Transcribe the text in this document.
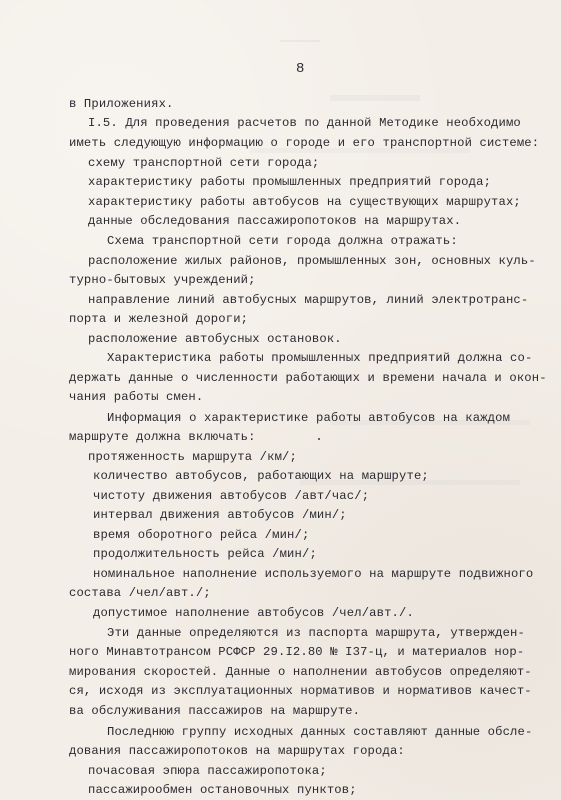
8
в Приложениях.
I.5. Для проведения расчетов по данной Методике необходимо
иметь следующую информацию о городе и его транспортной системе:
схему транспортной сети города;
характеристику работы промышленных предприятий города;
характеристику работы автобусов на существующих маршрутах;
данные обследования пассажиропотоков на маршрутах.
Схема транспортной сети города должна отражать:
расположение жилых районов, промышленных зон, основных куль-
турно-бытовых учреждений;
направление линий автобусных маршрутов, линий электротранс-
порта и железной дороги;
расположение автобусных остановок.
Характеристика работы промышленных предприятий должна со-
держать данные о численности работающих и времени начала и окон-
чания работы смен.
Информация о характеристике работы автобусов на каждом
маршруте должна включать:
протяженность маршрута /км/;
количество автобусов, работающих на маршруте;
чистоту движения автобусов /авт/час/;
интервал движения автобусов /мин/;
время оборотного рейса /мин/;
продолжительность рейса /мин/;
номинальное наполнение используемого на маршруте подвижного
состава /чел/авт./;
допустимое наполнение автобусов /чел/авт./.
Эти данные определяются из паспорта маршрута, утвержден-
ного Минавтотрансом РСФСР 29.I2.80 № I37-ц, и материалов нор-
мирования скоростей. Данные о наполнении автобусов определяют-
ся, исходя из эксплуатационных нормативов и нормативов качест-
ва обслуживания пассажиров на маршруте.
Последнюю группу исходных данных составляют данные обсле-
дования пассажиропотоков на маршрутах города:
почасовая эпюра пассажиропотока;
пассажирообмен остановочных пунктов;
